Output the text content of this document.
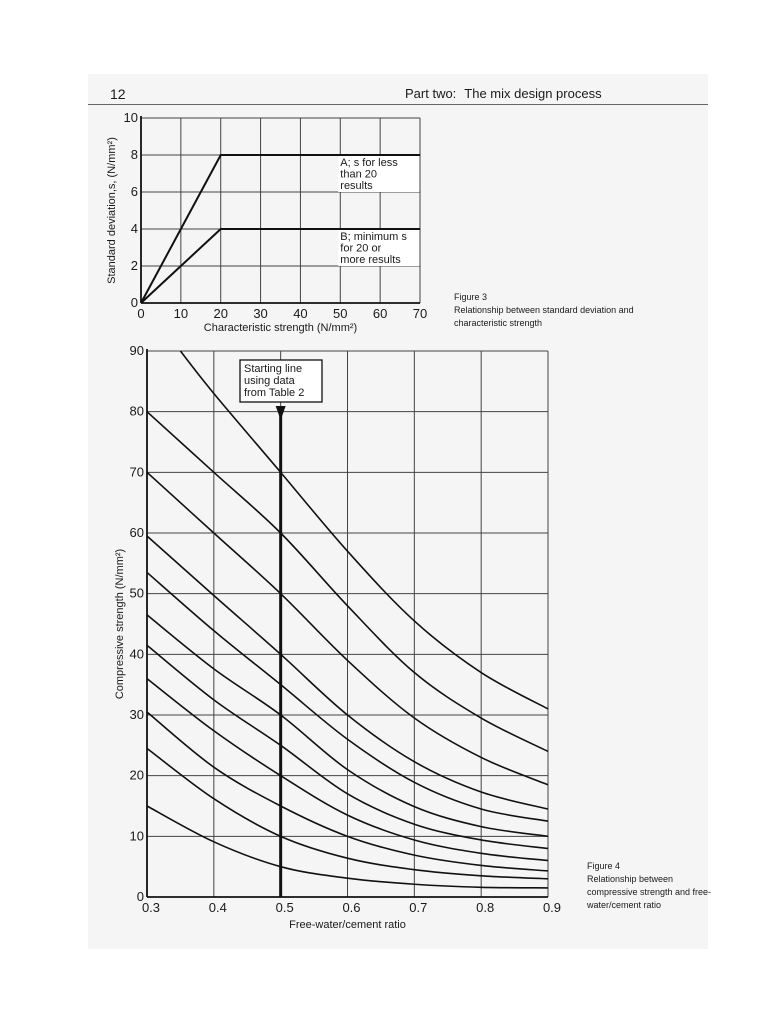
12	Part two: The mix design process
0 10 20 30 40 50 60 70
0
2
4
6
8
10
Characteristic strength (N/mm²)
Standard deviation,s, (N/mm²)	A; s for less
than 20
results
B; minimum s
for 20 or
more results
0.3	0.4	0.5	0.6	0.7	0.8	0.9
0
10
20
30
40
50
60
70
80
90
Free-water/cement ratio
Compressive strength (N/mm²)
Starting line
using data
from Table 2
Figure 3
Relationship between standard deviation and characteristic strength
Figure 4
Relationship between compressive strength and free-water/cement ratio
